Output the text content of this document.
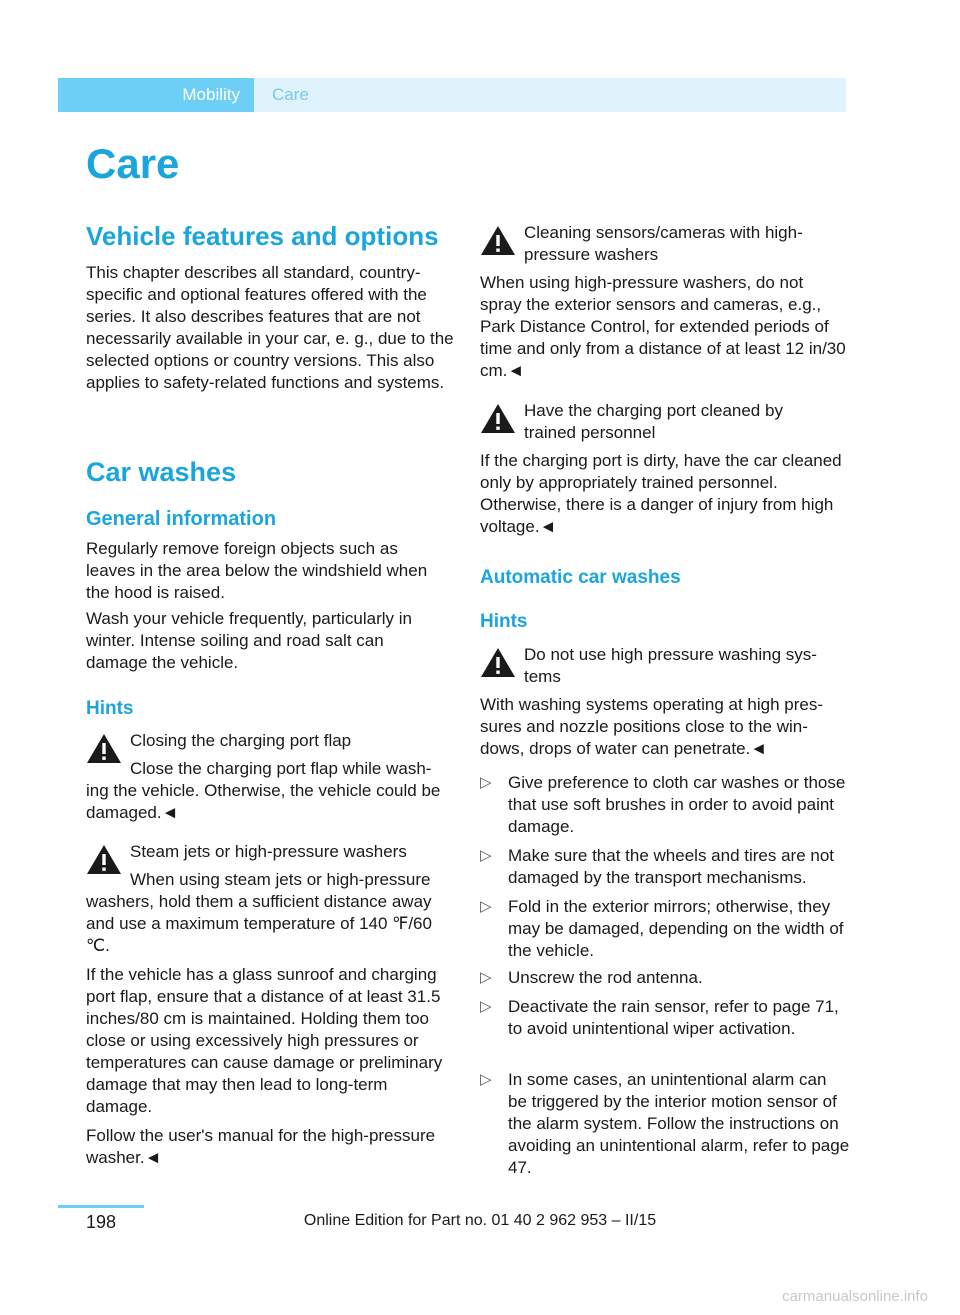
Mobility	Care
Care
Vehicle features and options

This chapter describes all standard, country-specific and optional features offered with the series. It also describes features that are not necessarily available in your car, e. g., due to the selected options or country versions. This also applies to safety-related functions and systems.

Car washes
General information

Regularly remove foreign objects such as leaves in the area below the windshield when the hood is raised.

Wash your vehicle frequently, particularly in winter. Intense soiling and road salt can damage the vehicle.

Hints
Closing the charging port flap
Close the charging port flap while wash-

ing the vehicle. Otherwise, the vehicle could be damaged.◄

Steam jets or high-pressure washers
When using steam jets or high-pressure

washers, hold them a sufficient distance away and use a maximum temperature of 140 ℉/60 ℃.

If the vehicle has a glass sunroof and charging port flap, ensure that a distance of at least 31.5 inches/80 cm is maintained. Holding them too close or using excessively high pressures or temperatures can cause damage or preliminary damage that may then lead to long-term damage.

Follow the user's manual for the high-pressure washer.◄

Cleaning sensors/cameras with high-pressure washers

When using high-pressure washers, do not spray the exterior sensors and cameras, e.g., Park Distance Control, for extended periods of time and only from a distance of at least 12 in/30 cm.◄

Have the charging port cleaned by trained personnel

If the charging port is dirty, have the car cleaned only by appropriately trained personnel. Otherwise, there is a danger of injury from high voltage.◄

Automatic car washes
Hints
Do not use high pressure washing sys-tems

With washing systems operating at high pressures and nozzle positions close to the windows, drops of water can penetrate.◄

▷ Give preference to cloth car washes or those that use soft brushes in order to avoid paint damage.
▷ Make sure that the wheels and tires are not damaged by the transport mechanisms.
▷ Fold in the exterior mirrors; otherwise, they may be damaged, depending on the width of the vehicle.
▷ Unscrew the rod antenna.
▷ Deactivate the rain sensor, refer to page 71, to avoid unintentional wiper activation.
▷ In some cases, an unintentional alarm can be triggered by the interior motion sensor of the alarm system. Follow the instructions on avoiding an unintentional alarm, refer to page 47.
198	Online Edition for Part no. 01 40 2 962 953 – II/15
carmanualsonline.info
